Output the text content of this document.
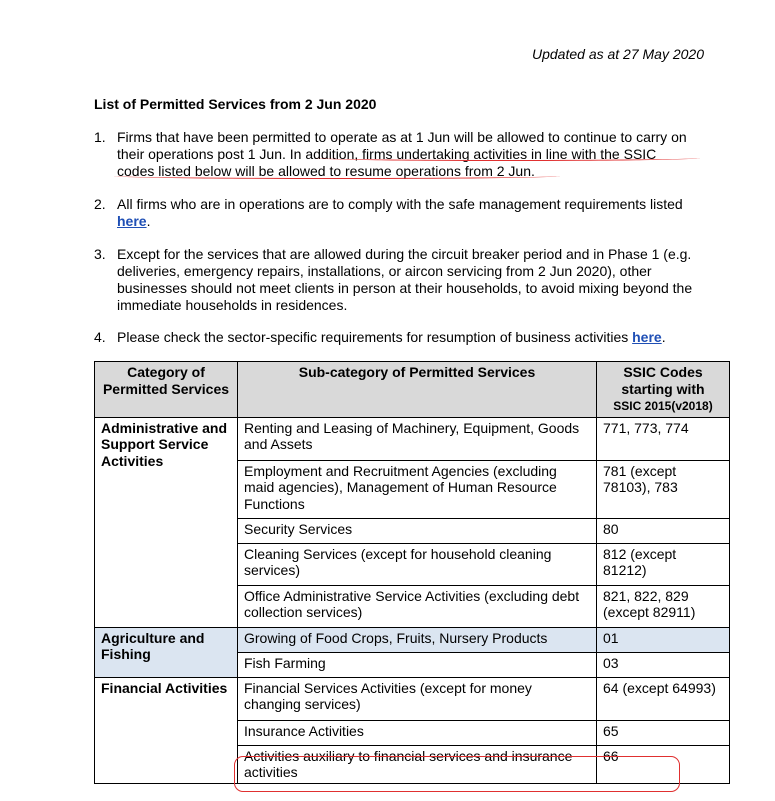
Updated as at 27 May 2020
List of Permitted Services from 2 Jun 2020
1. Firms that have been permitted to operate as at 1 Jun will be allowed to continue to carry on their operations post 1 Jun. In addition, firms undertaking activities in line with the SSIC codes listed below will be allowed to resume operations from 2 Jun.
2. All firms who are in operations are to comply with the safe management requirements listed here.
3. Except for the services that are allowed during the circuit breaker period and in Phase 1 (e.g. deliveries, emergency repairs, installations, or aircon servicing from 2 Jun 2020), other businesses should not meet clients in person at their households, to avoid mixing beyond the immediate households in residences.
4. Please check the sector-specific requirements for resumption of business activities here.
Category of Permitted Services	Sub-category of Permitted Services	SSIC Codes starting with
SSIC 2015(v2018)
Administrative and Support Service Activities	Renting and Leasing of Machinery, Equipment, Goods and Assets	771, 773, 774
	Employment and Recruitment Agencies (excluding maid agencies), Management of Human Resource Functions	781 (except 78103), 783
	Security Services	80
	Cleaning Services (except for household cleaning services)	812 (except 81212)
	Office Administrative Service Activities (excluding debt collection services)	821, 822, 829 (except 82911)
Agriculture and Fishing	Growing of Food Crops, Fruits, Nursery Products	01
	Fish Farming	03
Financial Activities	Financial Services Activities (except for money changing services)	64 (except 64993)
	Insurance Activities	65
	Activities auxiliary to financial services and insurance activities	66
